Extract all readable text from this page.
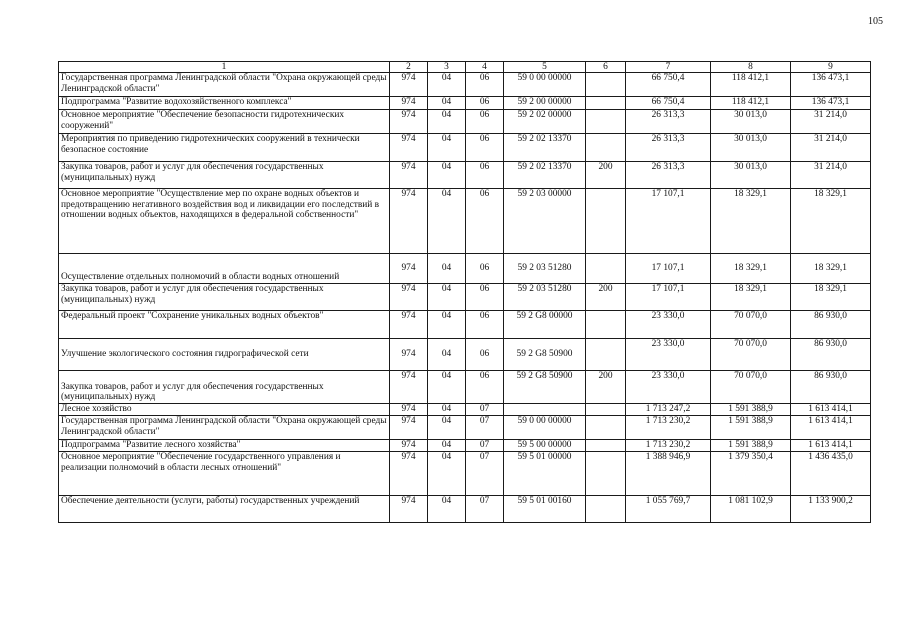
105
1	2	3	4	5	6	7	8	9
Государственная программа Ленинградской области "Охрана окружающей среды Ленинградской области"	974	04	06	59 0 00 00000		66 750,4	118 412,1	136 473,1
Подпрограмма "Развитие водохозяйственного комплекса"	974	04	06	59 2 00 00000		66 750,4	118 412,1	136 473,1
Основное мероприятие "Обеспечение безопасности гидротехнических сооружений"	974	04	06	59 2 02 00000		26 313,3	30 013,0	31 214,0
Мероприятия по приведению гидротехнических сооружений в технически безопасное состояние	974	04	06	59 2 02 13370		26 313,3	30 013,0	31 214,0
Закупка товаров, работ и услуг для обеспечения государственных (муниципальных) нужд	974	04	06	59 2 02 13370	200	26 313,3	30 013,0	31 214,0
Основное мероприятие "Осуществление мер по охране водных объектов и предотвращению негативного воздействия вод и ликвидации его последствий в отношении водных объектов, находящихся в федеральной собственности"	974	04	06	59 2 03 00000		17 107,1	18 329,1	18 329,1
Осуществление отдельных полномочий в области водных отношений	974	04	06	59 2 03 51280		17 107,1	18 329,1	18 329,1
Закупка товаров, работ и услуг для обеспечения государственных (муниципальных) нужд	974	04	06	59 2 03 51280	200	17 107,1	18 329,1	18 329,1
Федеральный проект "Сохранение уникальных водных объектов"	974	04	06	59 2 G8 00000		23 330,0	70 070,0	86 930,0
Улучшение экологического состояния гидрографической сети	974	04	06	59 2 G8 50900		23 330,0	70 070,0	86 930,0
Закупка товаров, работ и услуг для обеспечения государственных (муниципальных) нужд	974	04	06	59 2 G8 50900	200	23 330,0	70 070,0	86 930,0
Лесное хозяйство	974	04	07			1 713 247,2	1 591 388,9	1 613 414,1
Государственная программа Ленинградской области "Охрана окружающей среды Ленинградской области"	974	04	07	59 0 00 00000		1 713 230,2	1 591 388,9	1 613 414,1
Подпрограмма "Развитие лесного хозяйства"	974	04	07	59 5 00 00000		1 713 230,2	1 591 388,9	1 613 414,1
Основное мероприятие "Обеспечение государственного управления и реализации полномочий в области лесных отношений"	974	04	07	59 5 01 00000		1 388 946,9	1 379 350,4	1 436 435,0
Обеспечение деятельности (услуги, работы) государственных учреждений	974	04	07	59 5 01 00160		1 055 769,7	1 081 102,9	1 133 900,2
